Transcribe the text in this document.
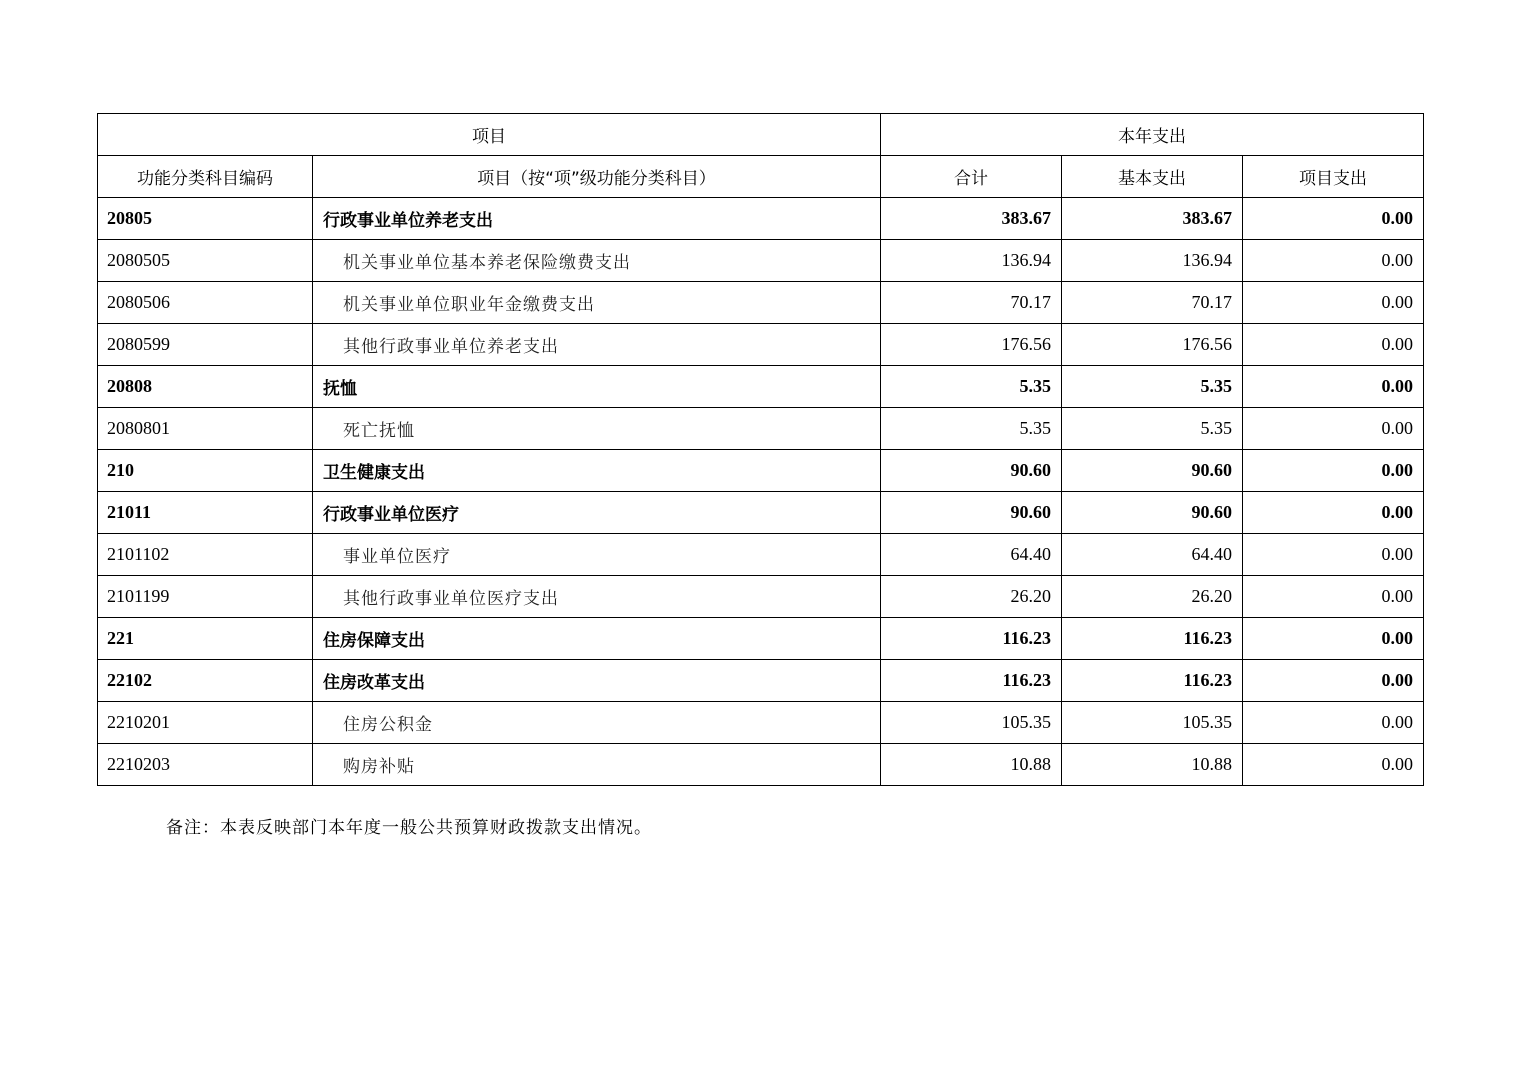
项目		本年支出		
功能分类科目编码	项目（按“项”级功能分类科目）	合计	基本支出	项目支出
20805	行政事业单位养老支出	383.67	383.67	0.00
2080505	机关事业单位基本养老保险缴费支出	136.94	136.94	0.00
2080506	机关事业单位职业年金缴费支出	70.17	70.17	0.00
2080599	其他行政事业单位养老支出	176.56	176.56	0.00
20808	抚恤	5.35	5.35	0.00
2080801	死亡抚恤	5.35	5.35	0.00
210	卫生健康支出	90.60	90.60	0.00
21011	行政事业单位医疗	90.60	90.60	0.00
2101102	事业单位医疗	64.40	64.40	0.00
2101199	其他行政事业单位医疗支出	26.20	26.20	0.00
221	住房保障支出	116.23	116.23	0.00
22102	住房改革支出	116.23	116.23	0.00
2210201	住房公积金	105.35	105.35	0.00
2210203	购房补贴	10.88	10.88	0.00
备注：本表反映部门本年度一般公共预算财政拨款支出情况。
